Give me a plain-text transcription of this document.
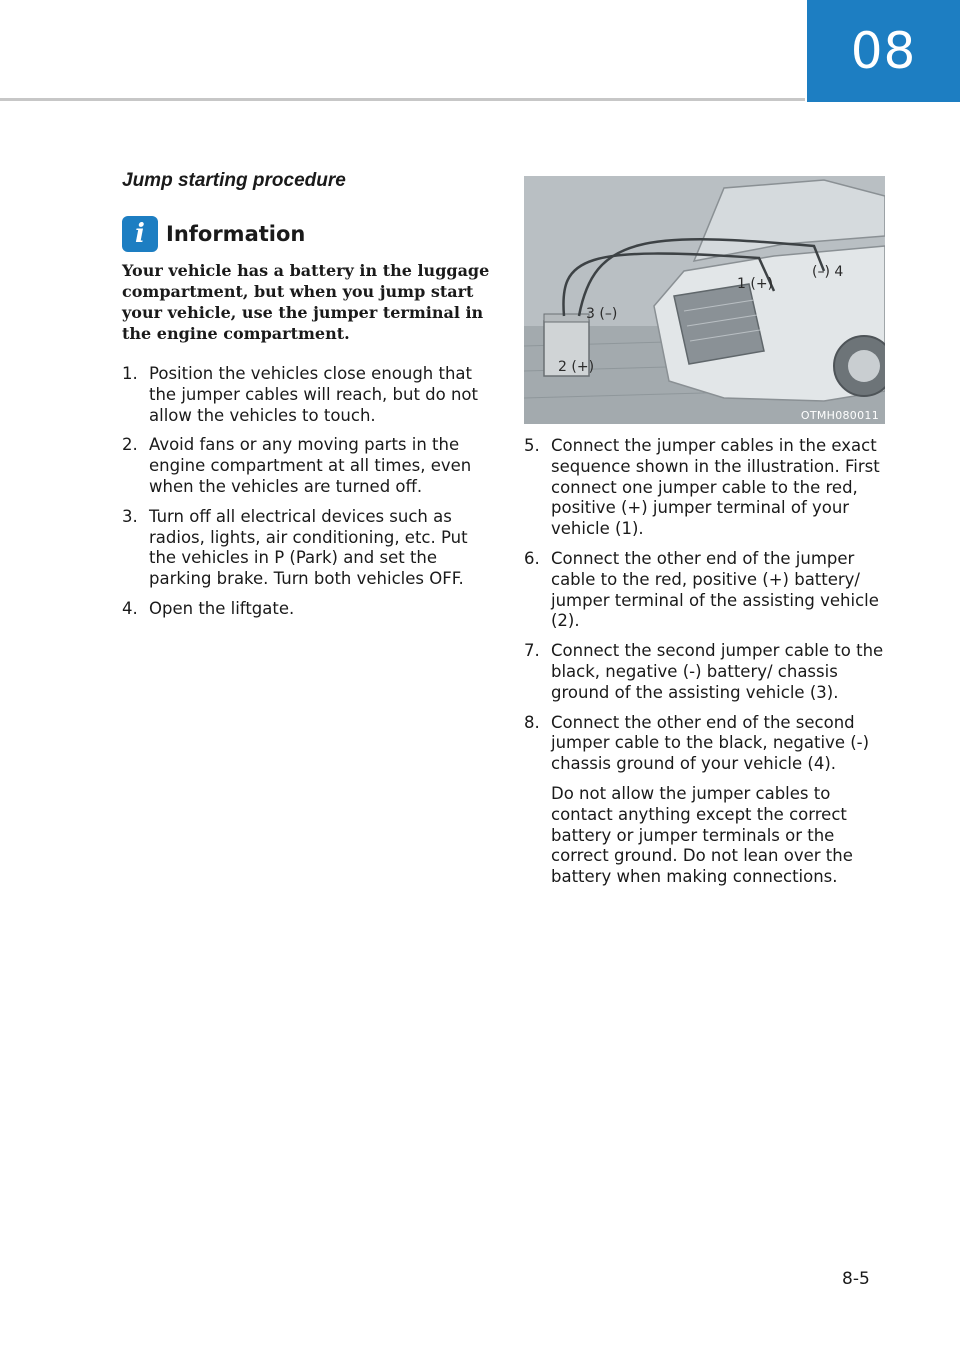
08
Jump starting procedure
i	Information

Your vehicle has a battery in the luggage compartment, but when you jump start your vehicle, use the jumper terminal in the engine compartment.

1. Position the vehicles close enough that the jumper cables will reach, but do not allow the vehicles to touch.
2. Avoid fans or any moving parts in the engine compartment at all times, even when the vehicles are turned off.
3. Turn off all electrical devices such as radios, lights, air conditioning, etc. Put the vehicles in P (Park) and set the parking brake. Turn both vehicles OFF.
4. Open the liftgate.
1 (+)
2 (+)
3 (–)
(–) 4
OTMH080011
5. Connect the jumper cables in the exact sequence shown in the illustration. First connect one jumper cable to the red, positive (+) jumper terminal of your vehicle (1).
6. Connect the other end of the jumper cable to the red, positive (+) battery/ jumper terminal of the assisting vehicle (2).
7. Connect the second jumper cable to the black, negative (-) battery/ chassis ground of the assisting vehicle (3).
8. Connect the other end of the second jumper cable to the black, negative (-) chassis ground of your vehicle (4).

Do not allow the jumper cables to contact anything except the correct battery or jumper terminals or the correct ground. Do not lean over the battery when making connections.

8-5
